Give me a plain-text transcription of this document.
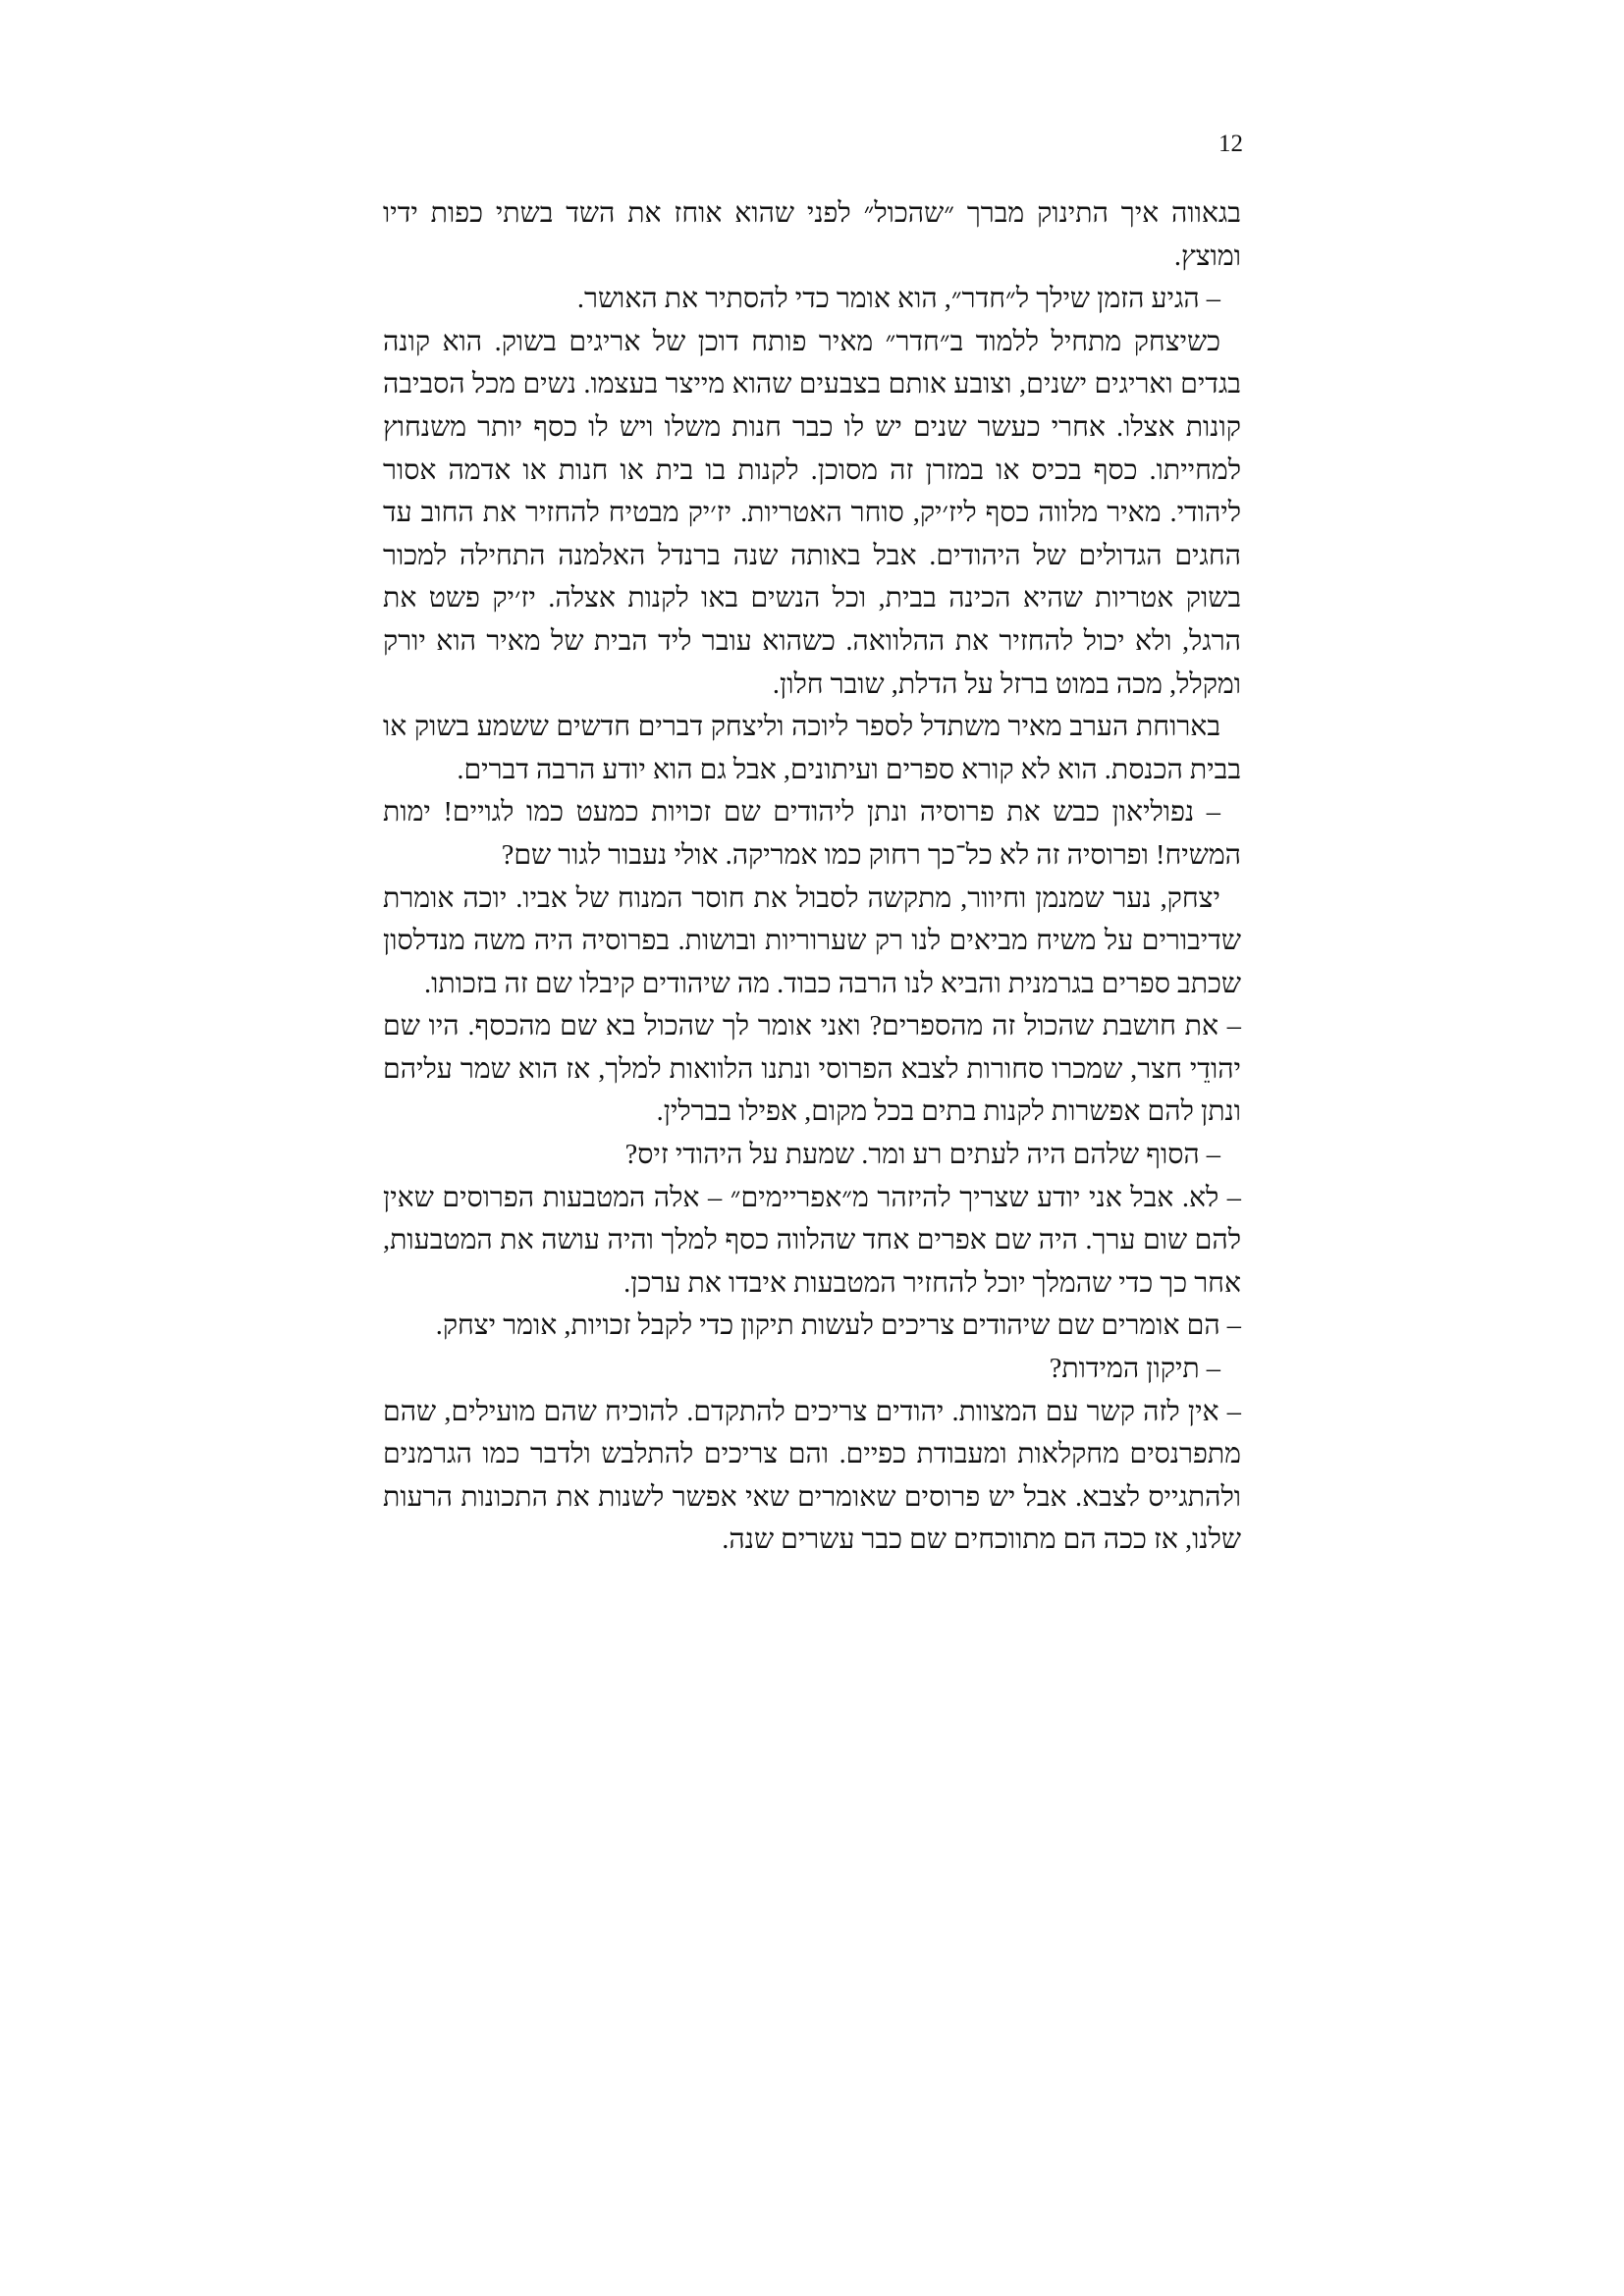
12

בגאווה איך התינוק מברך ״שהכול״ לפני שהוא אוחז את השד בשתי כפות ידיו ומוצץ.

– הגיע הזמן שילך ל״חדר״, הוא אומר כדי להסתיר את האושר.

כשיצחק מתחיל ללמוד ב״חדר״ מאיר פותח דוכן של אריגים בשוק. הוא קונה בגדים ואריגים ישנים, וצובע אותם בצבעים שהוא מייצר בעצמו. נשים מכל הסביבה קונות אצלו. אחרי כעשר שנים יש לו כבר חנות משלו ויש לו כסף יותר משנחוץ למחייתו. כסף בכיס או במזרן זה מסוכן. לקנות בו בית או חנות או אדמה אסור ליהודי. מאיר מלווה כסף ליז׳יק, סוחר האטריות. יז׳יק מבטיח להחזיר את החוב עד החגים הגדולים של היהודים. אבל באותה שנה ברנדל האלמנה התחילה למכור בשוק אטריות שהיא הכינה בבית, וכל הנשים באו לקנות אצלה. יז׳יק פשט את הרגל, ולא יכול להחזיר את ההלוואה. כשהוא עובר ליד הבית של מאיר הוא יורק ומקלל, מכה במוט ברזל על הדלת, שובר חלון.

בארוחת הערב מאיר משתדל לספר ליוכה וליצחק דברים חדשים ששמע בשוק או בבית הכנסת. הוא לא קורא ספרים ועיתונים, אבל גם הוא יודע הרבה דברים.

– נפוליאון כבש את פרוסיה ונתן ליהודים שם זכויות כמעט כמו לגויים! ימות המשיח! ופרוסיה זה לא כל־כך רחוק כמו אמריקה. אולי נעבור לגור שם?

יצחק, נער שמנמן וחיוור, מתקשה לסבול את חוסר המנוח של אביו. יוכה אומרת שדיבורים על משיח מביאים לנו רק שערוריות ובושות. בפרוסיה היה משה מנדלסון שכתב ספרים בגרמנית והביא לנו הרבה כבוד. מה שיהודים קיבלו שם זה בזכותו.

– את חושבת שהכול זה מהספרים? ואני אומר לך שהכול בא שם מהכסף. היו שם יהודֵי חצר, שמכרו סחורות לצבא הפרוסי ונתנו הלוואות למלך, אז הוא שמר עליהם ונתן להם אפשרות לקנות בתים בכל מקום, אפילו בברלין.

– הסוף שלהם היה לעתים רע ומר. שמעת על היהודי זיס?

– לא. אבל אני יודע שצריך להיזהר מ״אפריימים״ – אלה המטבעות הפרוסים שאין להם שום ערך. היה שם אפרים אחד שהלווה כסף למלך והיה עושה את המטבעות, אחר כך כדי שהמלך יוכל להחזיר המטבעות איבדו את ערכן.

– הם אומרים שם שיהודים צריכים לעשות תיקון כדי לקבל זכויות, אומר יצחק.

– תיקון המידות?

– אין לזה קשר עם המצוות. יהודים צריכים להתקדם. להוכיח שהם מועילים, שהם מתפרנסים מחקלאות ומעבודת כפיים. והם צריכים להתלבש ולדבר כמו הגרמנים ולהתגייס לצבא. אבל יש פרוסים שאומרים שאי אפשר לשנות את התכונות הרעות שלנו, אז ככה הם מתווכחים שם כבר עשרים שנה.
